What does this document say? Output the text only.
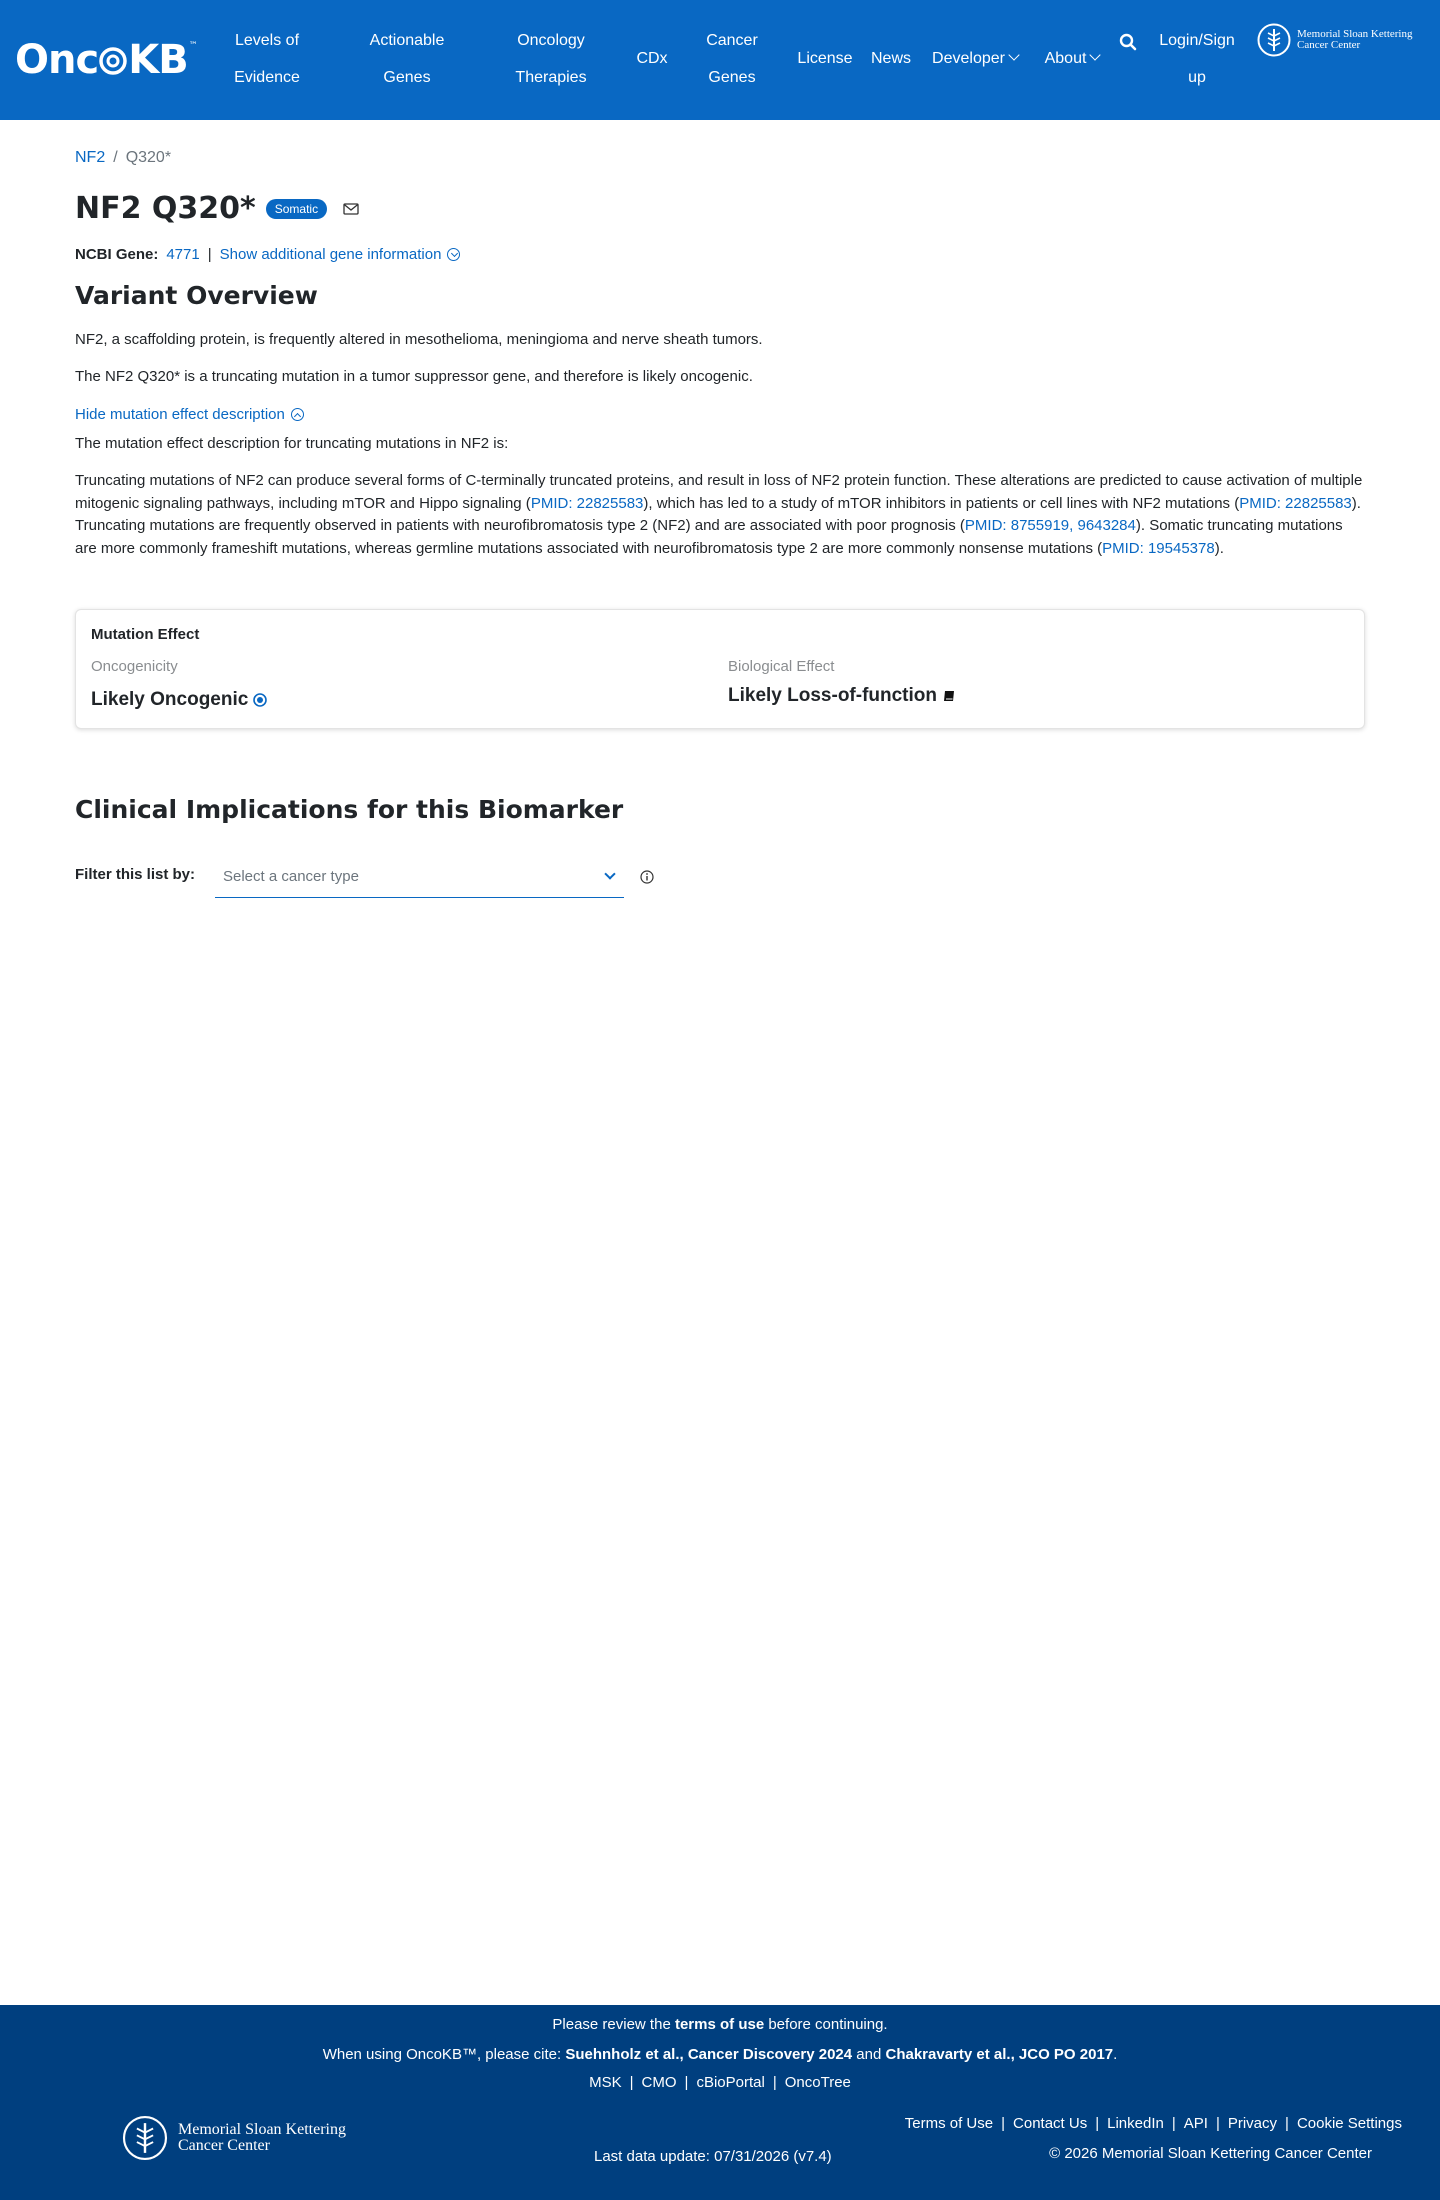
Onc KB ™	Levels of
Evidence
Actionable
Genes
Oncology
Therapies
CDx
Cancer
Genes
License	News	Developer	About
Login/Sign
up
Memorial Sloan Kettering
Cancer Center
NF2 / Q320*
NF2 Q320*	Somatic
NCBI Gene: 4771 | Show additional gene information
Variant Overview

NF2, a scaffolding protein, is frequently altered in mesothelioma, meningioma and nerve sheath tumors.

The NF2 Q320* is a truncating mutation in a tumor suppressor gene, and therefore is likely oncogenic.

Hide mutation effect description

The mutation effect description for truncating mutations in NF2 is:

Truncating mutations of NF2 can produce several forms of C-terminally truncated proteins, and result in loss of NF2 protein function. These alterations are predicted to cause activation of multiple mitogenic signaling pathways, including mTOR and Hippo signaling (PMID: 22825583), which has led to a study of mTOR inhibitors in patients or cell lines with NF2 mutations (PMID: 22825583). Truncating mutations are frequently observed in patients with neurofibromatosis type 2 (NF2) and are associated with poor prognosis (PMID: 8755919, 9643284). Somatic truncating mutations are more commonly frameshift mutations, whereas germline mutations associated with neurofibromatosis type 2 are more commonly nonsense mutations (PMID: 19545378).

Mutation Effect
Oncogenicity
Likely Oncogenic
Biological Effect
Likely Loss-of-function
Clinical Implications for this Biomarker
Filter this list by:	Select a cancer type
Please review the terms of use before continuing.
When using OncoKB™, please cite: Suehnholz et al., Cancer Discovery 2024 and Chakravarty et al., JCO PO 2017.
MSK | CMO | cBioPortal | OncoTree
Memorial Sloan Kettering
Cancer Center
Last data update: 07/31/2026 (v7.4)
Terms of Use | Contact Us | LinkedIn | API | Privacy | Cookie Settings
© 2026 Memorial Sloan Kettering Cancer Center
